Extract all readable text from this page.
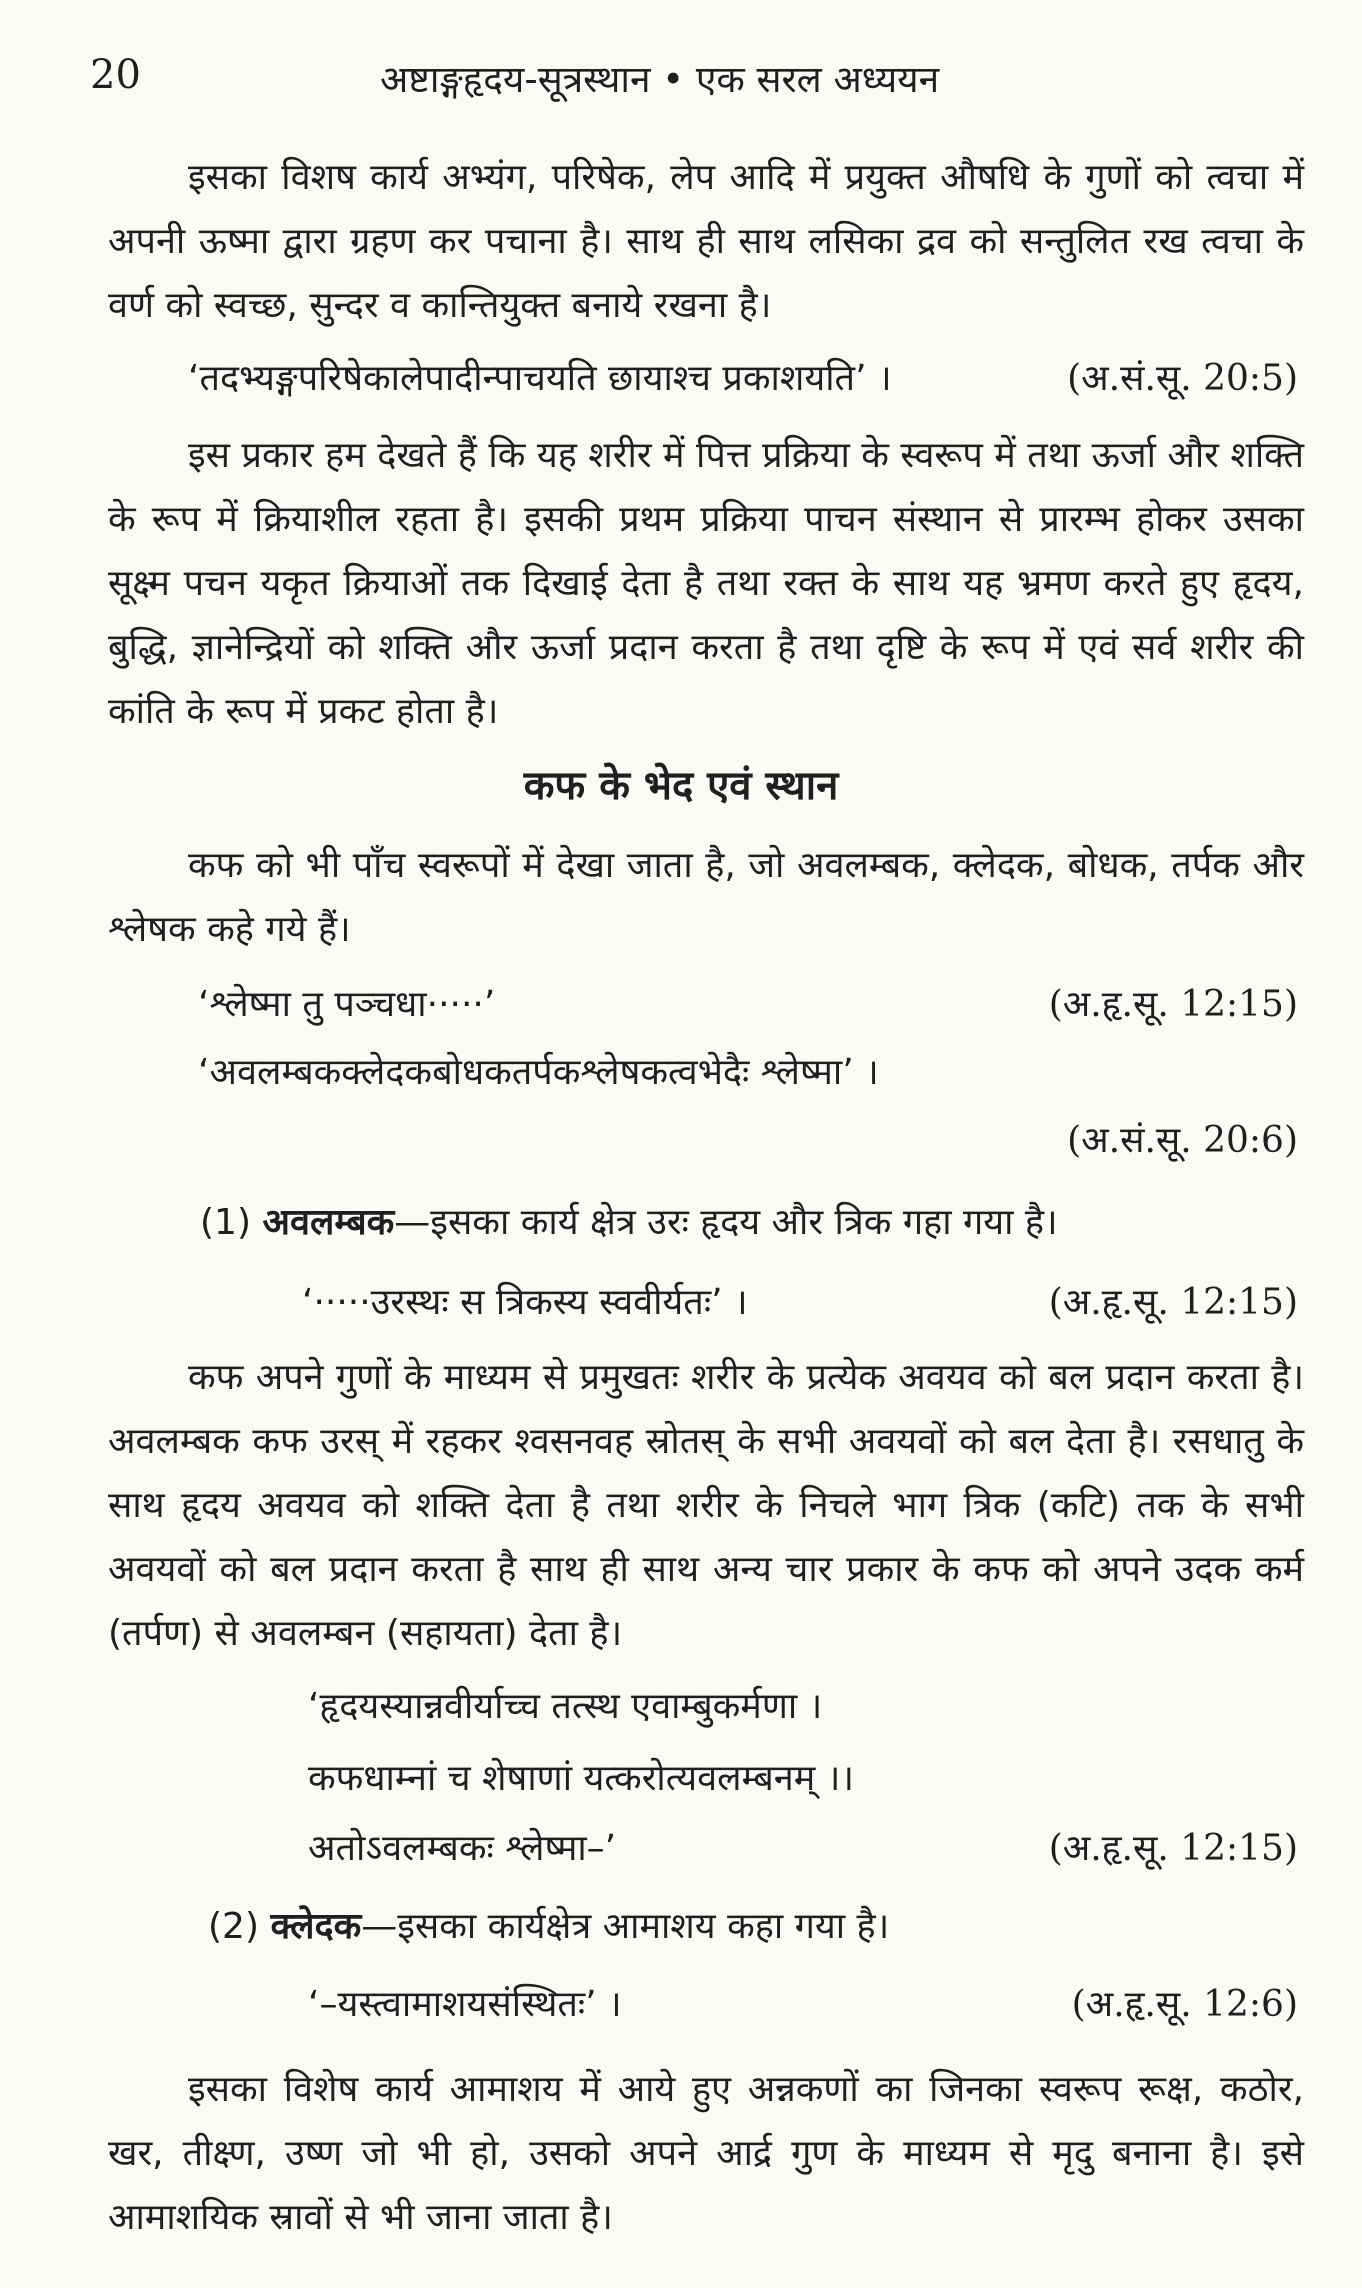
20	अष्टाङ्गहृदय-सूत्रस्थान • एक सरल अध्ययन

इसका विशष कार्य अभ्यंग, परिषेक, लेप आदि में प्रयुक्त औषधि के गुणों को त्वचा में अपनी ऊष्मा द्वारा ग्रहण कर पचाना है। साथ ही साथ लसिका द्रव को सन्तुलित रख त्वचा के वर्ण को स्वच्छ, सुन्दर व कान्तियुक्त बनाये रखना है।

‘तदभ्यङ्गपरिषेकालेपादीन्पाचयति छायाश्च प्रकाशयति’ ।	(अ.सं.सू. 20:5)

इस प्रकार हम देखते हैं कि यह शरीर में पित्त प्रक्रिया के स्वरूप में तथा ऊर्जा और शक्ति के रूप में क्रियाशील रहता है। इसकी प्रथम प्रक्रिया पाचन संस्थान से प्रारम्भ होकर उसका सूक्ष्म पचन यकृत क्रियाओं तक दिखाई देता है तथा रक्त के साथ यह भ्रमण करते हुए हृदय, बुद्धि, ज्ञानेन्द्रियों को शक्ति और ऊर्जा प्रदान करता है तथा दृष्टि के रूप में एवं सर्व शरीर की कांति के रूप में प्रकट होता है।

कफ के भेद एवं स्थान

कफ को भी पाँच स्वरूपों में देखा जाता है, जो अवलम्बक, क्लेदक, बोधक, तर्पक और श्लेषक कहे गये हैं।

‘श्लेष्मा तु पञ्चधा·····’	(अ.हृ.सू. 12:15)
‘अवलम्बकक्लेदकबोधकतर्पकश्लेषकत्वभेदैः श्लेष्मा’ ।
(अ.सं.सू. 20:6)
(1) अवलम्बक—इसका कार्य क्षेत्र उरः हृदय और त्रिक गहा गया है।
‘·····उरस्थः स त्रिकस्य स्ववीर्यतः’ ।	(अ.हृ.सू. 12:15)

कफ अपने गुणों के माध्यम से प्रमुखतः शरीर के प्रत्येक अवयव को बल प्रदान करता है। अवलम्बक कफ उरस् में रहकर श्वसनवह स्रोतस् के सभी अवयवों को बल देता है। रसधातु के साथ हृदय अवयव को शक्ति देता है तथा शरीर के निचले भाग त्रिक (कटि) तक के सभी अवयवों को बल प्रदान करता है साथ ही साथ अन्य चार प्रकार के कफ को अपने उदक कर्म (तर्पण) से अवलम्बन (सहायता) देता है।

‘हृदयस्यान्नवीर्याच्च तत्स्थ एवाम्बुकर्मणा ।
कफधाम्नां च शेषाणां यत्करोत्यवलम्बनम् ।।
अतोऽवलम्बकः श्लेष्मा–’	(अ.हृ.सू. 12:15)
(2) क्लेदक—इसका कार्यक्षेत्र आमाशय कहा गया है।
‘–यस्त्वामाशयसंस्थितः’ ।	(अ.हृ.सू. 12:6)

इसका विशेष कार्य आमाशय में आये हुए अन्नकणों का जिनका स्वरूप रूक्ष, कठोर, खर, तीक्ष्ण, उष्ण जो भी हो, उसको अपने आर्द्र गुण के माध्यम से मृदु बनाना है। इसे आमाशयिक स्रावों से भी जाना जाता है।
